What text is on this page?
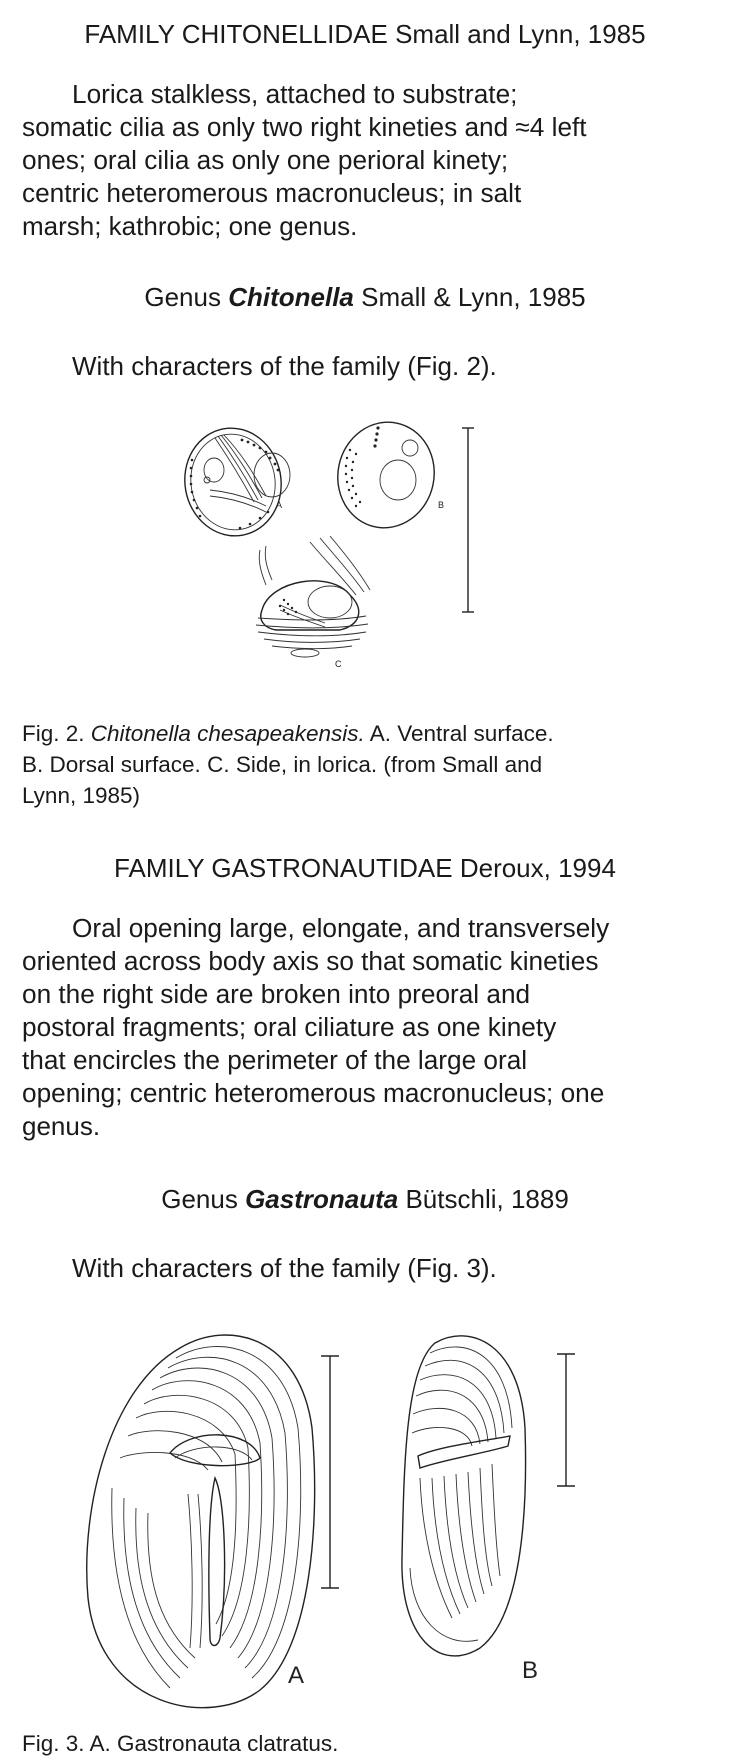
FAMILY CHITONELLIDAE Small and Lynn, 1985
Lorica stalkless, attached to substrate;
somatic cilia as only two right kineties and ≈4 left
ones; oral cilia as only one perioral kinety;
centric heteromerous macronucleus; in salt
marsh; kathrobic; one genus.
Genus Chitonella Small & Lynn, 1985
With characters of the family (Fig. 2).
A	B
C
Fig. 2. Chitonella chesapeakensis. A. Ventral surface.
B. Dorsal surface. C. Side, in lorica. (from Small and
Lynn, 1985)
FAMILY GASTRONAUTIDAE Deroux, 1994
Oral opening large, elongate, and transversely
oriented across body axis so that somatic kineties
on the right side are broken into preoral and
postoral fragments; oral ciliature as one kinety
that encircles the perimeter of the large oral
opening; centric heteromerous macronucleus; one
genus.
Genus Gastronauta Bütschli, 1889
With characters of the family (Fig. 3).
A	B
Fig. 3. A. Gastronauta clatratus.
